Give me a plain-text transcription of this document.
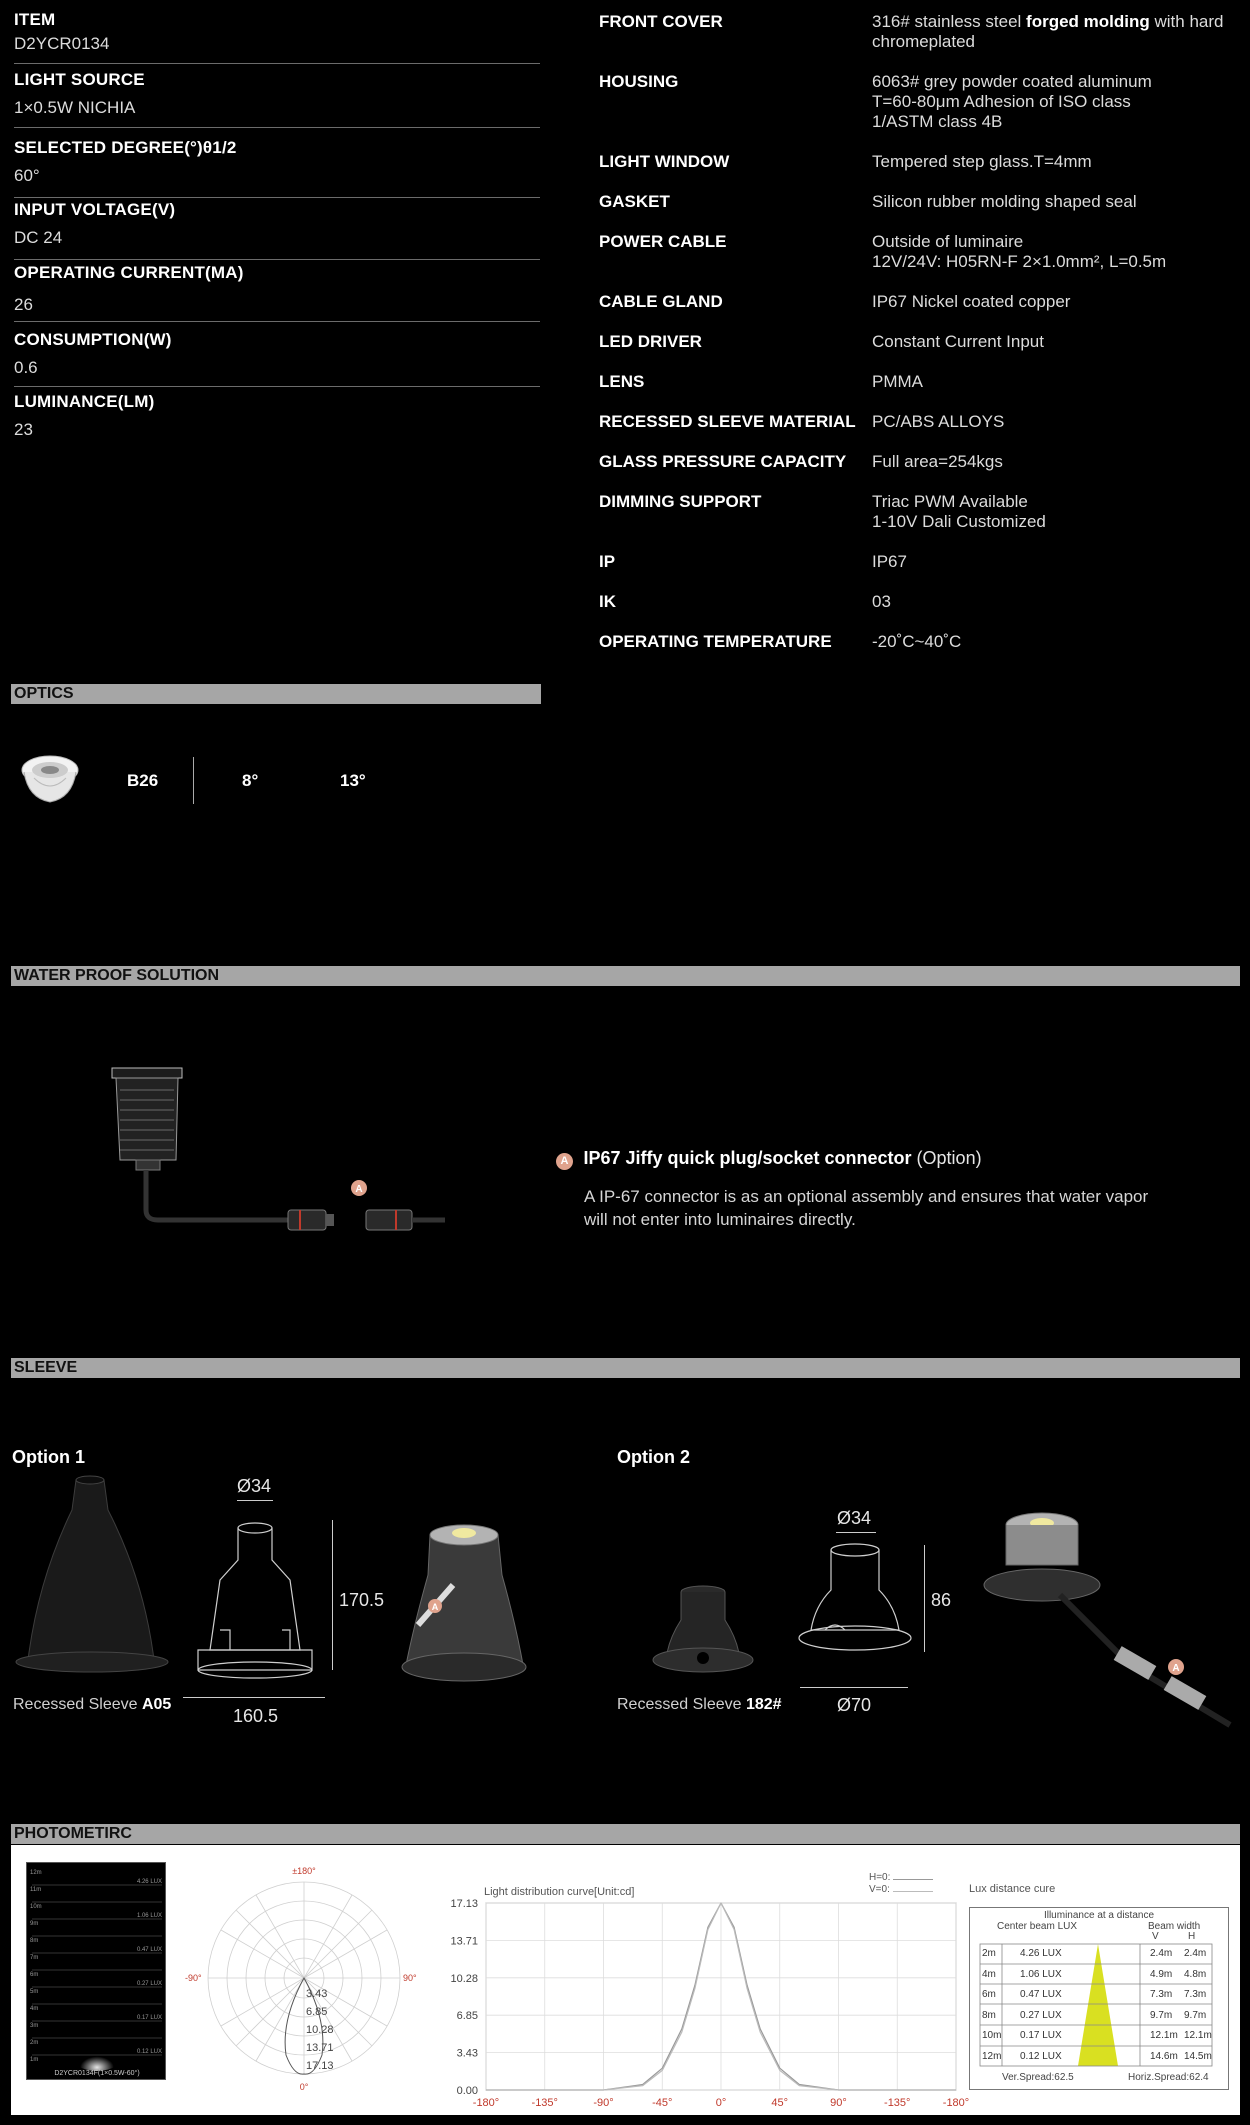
ITEM
D2YCR0134
LIGHT SOURCE
1×0.5W NICHIA
SELECTED DEGREE(°)θ1/2
60°
INPUT VOLTAGE(V)
DC 24
OPERATING CURRENT(MA)
26
CONSUMPTION(W)
0.6
LUMINANCE(LM)
23
FRONT COVER	316# stainless steel forged molding with hard chromeplated
HOUSING	6063# grey powder coated aluminum
T=60-80μm Adhesion of ISO class
1/ASTM class 4B
LIGHT WINDOW	Tempered step glass.T=4mm
GASKET	Silicon rubber molding shaped seal
POWER CABLE	Outside of luminaire
12V/24V: H05RN-F 2×1.0mm², L=0.5m
CABLE GLAND	IP67 Nickel coated copper
LED DRIVER	Constant Current Input
LENS	PMMA
RECESSED SLEEVE MATERIAL PC/ABS ALLOYS
GLASS PRESSURE CAPACITY Full area=254kgs
DIMMING SUPPORT	Triac PWM Available
1-10V Dali Customized
IP	IP67
IK	03
OPERATING TEMPERATURE -20˚C~40˚C
OPTICS
B26	8°	13°
WATER PROOF SOLUTION
A
A IP67 Jiffy quick plug/socket connector (Option)
A IP-67 connector is as an optional assembly and ensures that water vapor
will not enter into luminaires directly.
SLEEVE
Option 1
Ø34
170.5
160.5
A
Recessed Sleeve A05
Option 2
Ø34
86
Ø70
A
Recessed Sleeve 182#
PHOTOMETIRC
12m
11m
10m
9m
8m
7m
6m
5m
4m
3m
2m
1m
4.26 LUX
1.06 LUX
0.47 LUX
0.27 LUX
0.17 LUX
0.12 LUX
D2YCR0134F(1×0.5W-60°)
±180°
-90°	90°
0°
3.43
6.85
10.28
13.71
17.13
Light distribution curve[Unit:cd]
H=0:
V=0:
0.00
3.43
6.85
10.28
13.71
17.13
-180°	-135°	-90°	-45°	0°	45°	90°	-135°	-180°
Lux distance cure
Illuminance at a distance
Center beam LUX	Beam width
V	H
2m 4.26 LUX	2.4m 2.4m
4m 1.06 LUX	4.9m 4.8m
6m 0.47 LUX	7.3m 7.3m
8m 0.27 LUX	9.7m 9.7m
10m 0.17 LUX	12.1m 12.1m
12m 0.12 LUX	14.6m 14.5m
Ver.Spread:62.5	Horiz.Spread:62.4
